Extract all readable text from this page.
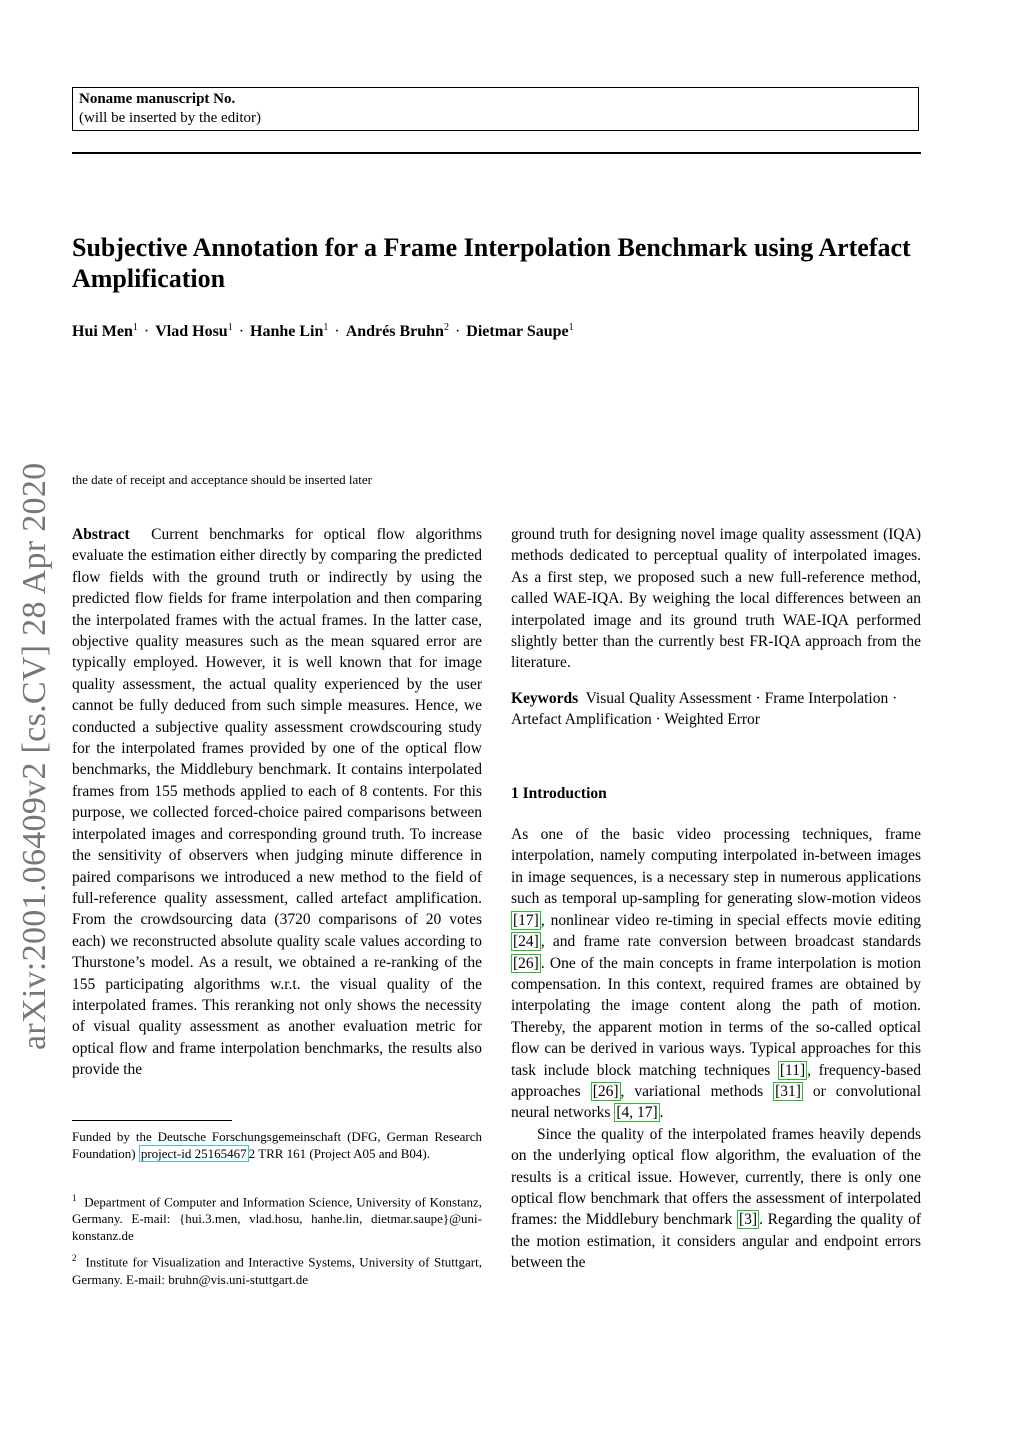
Noname manuscript No.
(will be inserted by the editor)
Subjective Annotation for a Frame Interpolation Benchmark using Artefact Amplification
Hui Men$^1$ · Vlad Hosu$^1$ · Hanhe Lin$^1$ · Andrés Bruhn$^2$ · Dietmar Saupe$^1$
arXiv:2001.06409v2 [cs.CV] 28 Apr 2020	the date of receipt and acceptance should be inserted later

Abstract Current benchmarks for optical flow algorithms evaluate the estimation either directly by comparing the predicted flow fields with the ground truth or indirectly by using the predicted flow fields for frame interpolation and then comparing the interpolated frames with the actual frames. In the latter case, objective quality measures such as the mean squared error are typically employed. However, it is well known that for image quality assessment, the actual quality experienced by the user cannot be fully deduced from such simple measures. Hence, we conducted a subjective quality assessment crowdscouring study for the interpolated frames provided by one of the optical flow benchmarks, the Middlebury benchmark. It contains interpolated frames from 155 methods applied to each of 8 contents. For this purpose, we collected forced-choice paired comparisons between interpolated images and corresponding ground truth. To increase the sensitivity of observers when judging minute difference in paired comparisons we introduced a new method to the field of full-reference quality assessment, called artefact amplification. From the crowdsourcing data (3720 comparisons of 20 votes each) we reconstructed absolute quality scale values according to Thurstone’s model. As a result, we obtained a re-ranking of the 155 participating algorithms w.r.t. the visual quality of the interpolated frames. This reranking not only shows the necessity of visual quality assessment as another evaluation metric for optical flow and frame interpolation benchmarks, the results also provide the

ground truth for designing novel image quality assessment (IQA) methods dedicated to perceptual quality of interpolated images. As a first step, we proposed such a new full-reference method, called WAE-IQA. By weighing the local differences between an interpolated image and its ground truth WAE-IQA performed slightly better than the currently best FR-IQA approach from the literature.

Keywords Visual Quality Assessment · Frame Interpolation · Artefact Amplification · Weighted Error

1 Introduction

As one of the basic video processing techniques, frame interpolation, namely computing interpolated in-between images in image sequences, is a necessary step in numerous applications such as temporal up-sampling for generating slow-motion videos [17] , nonlinear video re-timing in special effects movie editing [24] , and frame rate conversion between broadcast standards [26] . One of the main concepts in frame interpolation is motion compensation. In this context, required frames are obtained by interpolating the image content along the path of motion. Thereby, the apparent motion in terms of the so-called optical flow can be derived in various ways. Typical approaches for this task include block matching techniques [11] , frequency-based approaches [26] , variational methods [31] or convolutional neural networks [4, 17] .

Since the quality of the interpolated frames heavily depends on the underlying optical flow algorithm, the evaluation of the results is a critical issue. However, currently, there is only one optical flow benchmark that offers the assessment of interpolated frames: the Middlebury benchmark [3] . Regarding the quality of the motion estimation, it considers angular and endpoint errors between the

Funded by the Deutsche Forschungsgemeinschaft (DFG, German Research Foundation) project-id 25165467 2 TRR 161 (Project A05 and B04).

$^1$ Department of Computer and Information Science, University of Konstanz, Germany. E-mail: {hui.3.men, vlad.hosu, hanhe.lin, dietmar.saupe}@uni-konstanz.de

$^2$ Institute for Visualization and Interactive Systems, University of Stuttgart, Germany. E-mail: bruhn@vis.uni-stuttgart.de
